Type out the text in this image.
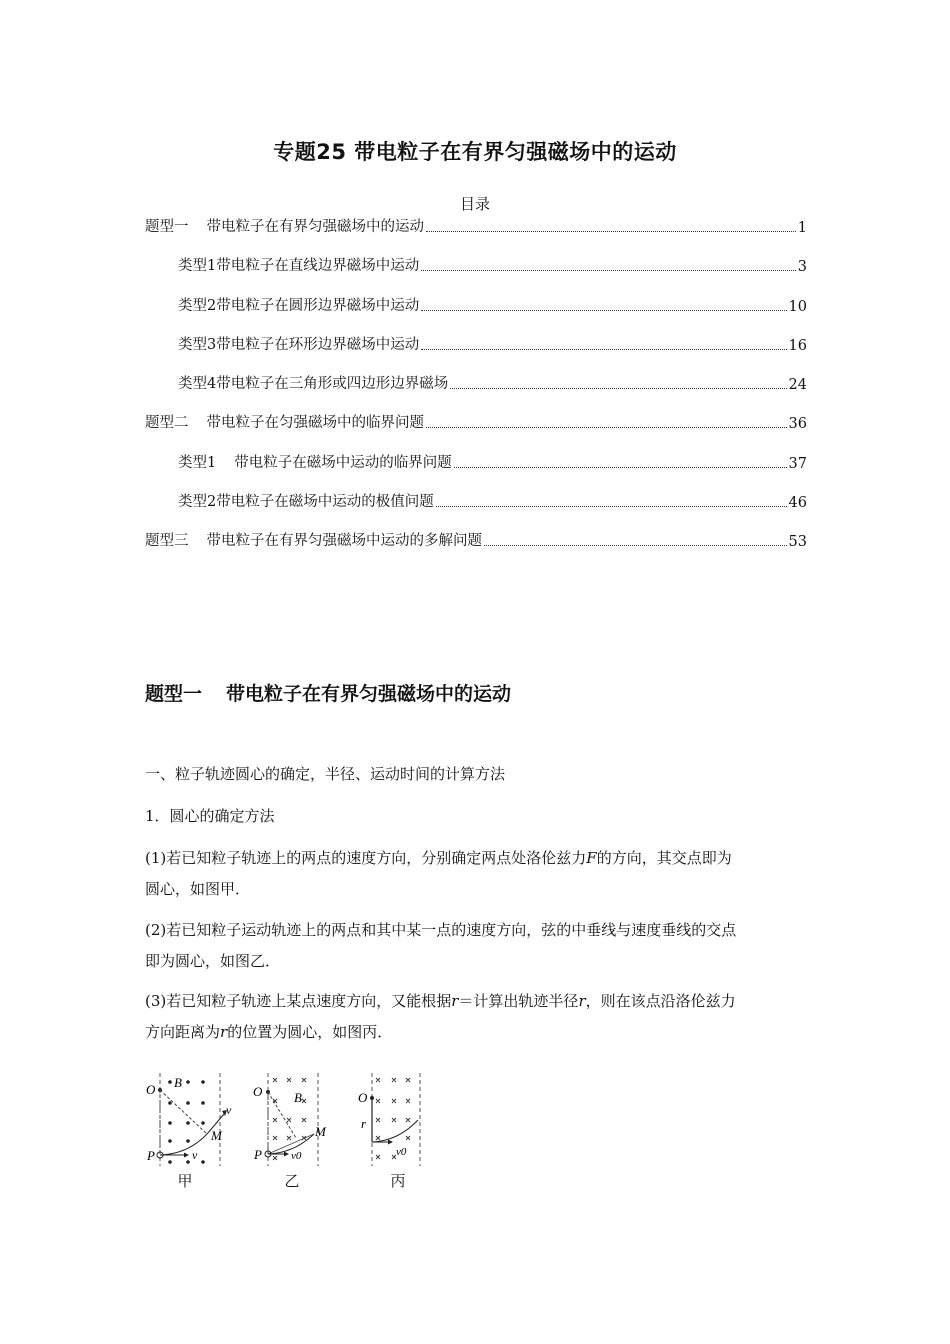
专题25 带电粒子在有界匀强磁场中的运动
目录
题型一 带电粒子在有界匀强磁场中的运动	1
类型1带电粒子在直线边界磁场中运动	3
类型2带电粒子在圆形边界磁场中运动	10
类型3带电粒子在环形边界磁场中运动	16
类型4带电粒子在三角形或四边形边界磁场	24
题型二 带电粒子在匀强磁场中的临界问题	36
类型1 带电粒子在磁场中运动的临界问题	37
类型2带电粒子在磁场中运动的极值问题	46
题型三 带电粒子在有界匀强磁场中运动的多解问题	53
题型一 带电粒子在有界匀强磁场中的运动
一、粒子轨迹圆心的确定，半径、运动时间的计算方法
1．圆心的确定方法
(1)若已知粒子轨迹上的两点的速度方向，分别确定两点处洛伦兹力F的方向，其交点即为
圆心，如图甲．
(2)若已知粒子运动轨迹上的两点和其中某一点的速度方向，弦的中垂线与速度垂线的交点
即为圆心，如图乙．
(3)若已知粒子轨迹上某点速度方向，又能根据r＝计算出轨迹半径r，则在该点沿洛伦兹力
方向距离为r的位置为圆心，如图丙．
O B
M
P
v
v
甲
O B
M
P	v0
乙
O
r
v0
丙
